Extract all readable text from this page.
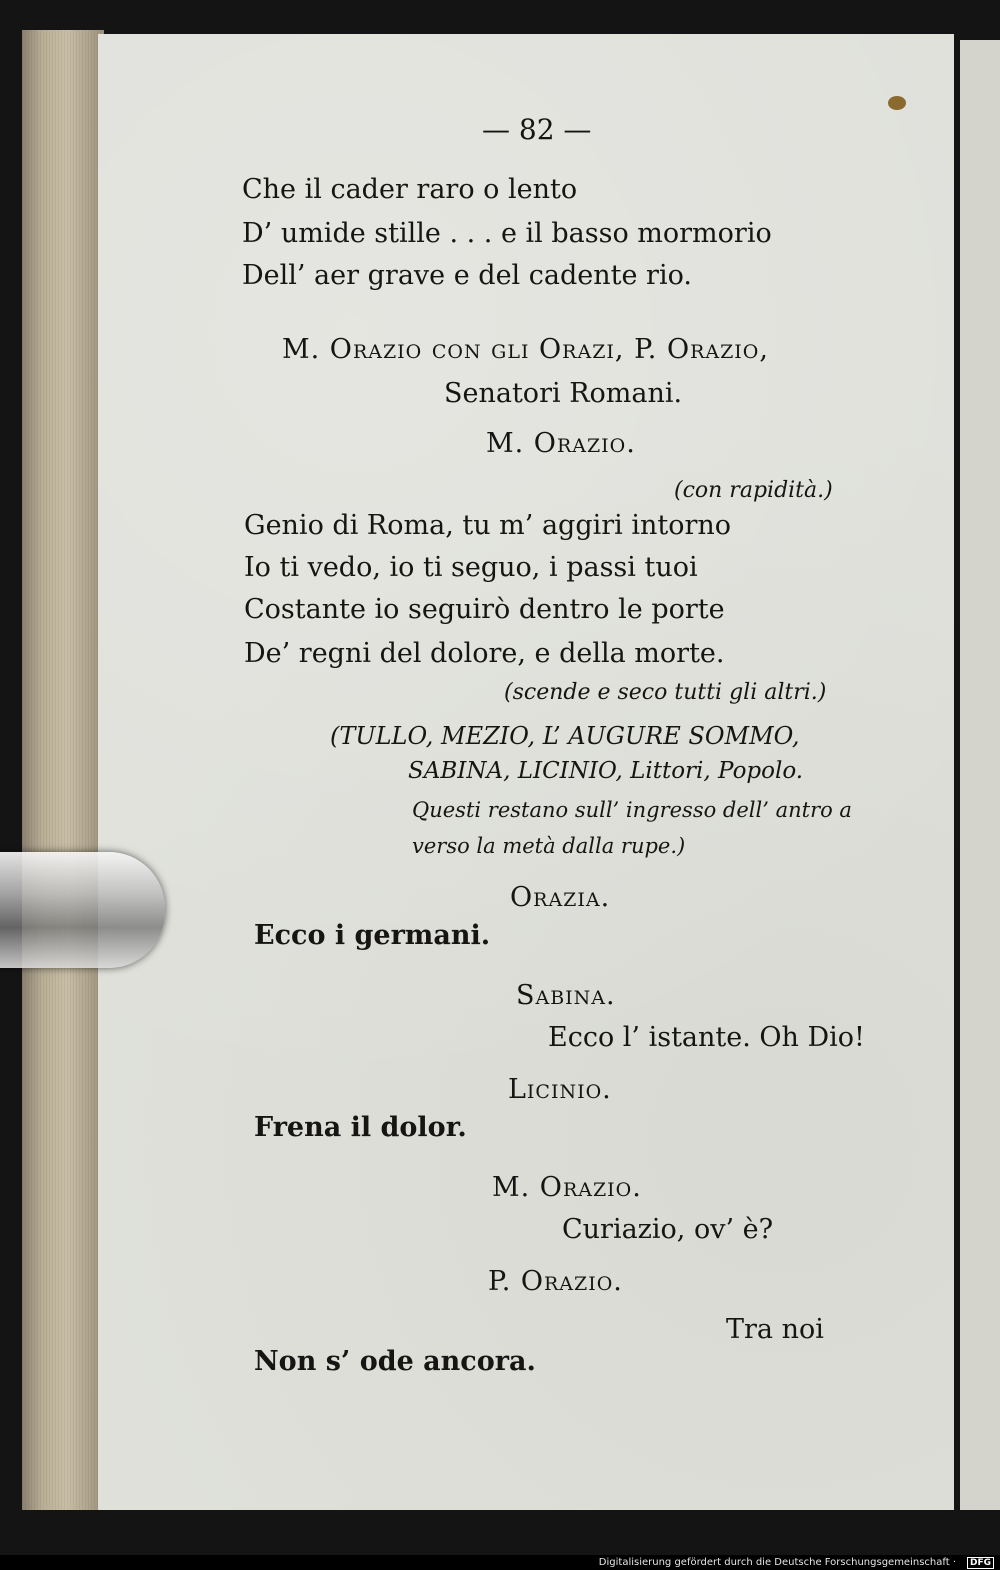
— 82 —
Che il cader raro o lento
D’ umide stille . . . e il basso mormorio
Dell’ aer grave e del cadente rio.
M. Orazio con gli Orazi, P. Orazio,
Senatori Romani.
M. Orazio.
(con rapidità.)
Genio di Roma, tu m’ aggiri intorno
Io ti vedo, io ti seguo, i passi tuoi
Costante io seguirò dentro le porte
De’ regni del dolore, e della morte.
(scende e seco tutti gli altri.)
(TULLO, MEZIO, L’ AUGURE SOMMO,
SABINA, LICINIO, Littori, Popolo.
Questi restano sull’ ingresso dell’ antro a
verso la metà dalla rupe.)
Orazia.
Ecco i germani.
Sabina.
Ecco l’ istante. Oh Dio!
Licinio.
Frena il dolor.
M. Orazio.
Curiazio, ov’ è?
P. Orazio.
Tra noi
Non s’ ode ancora.
Digitalisierung gefördert durch die Deutsche Forschungsgemeinschaft ·	DFG
